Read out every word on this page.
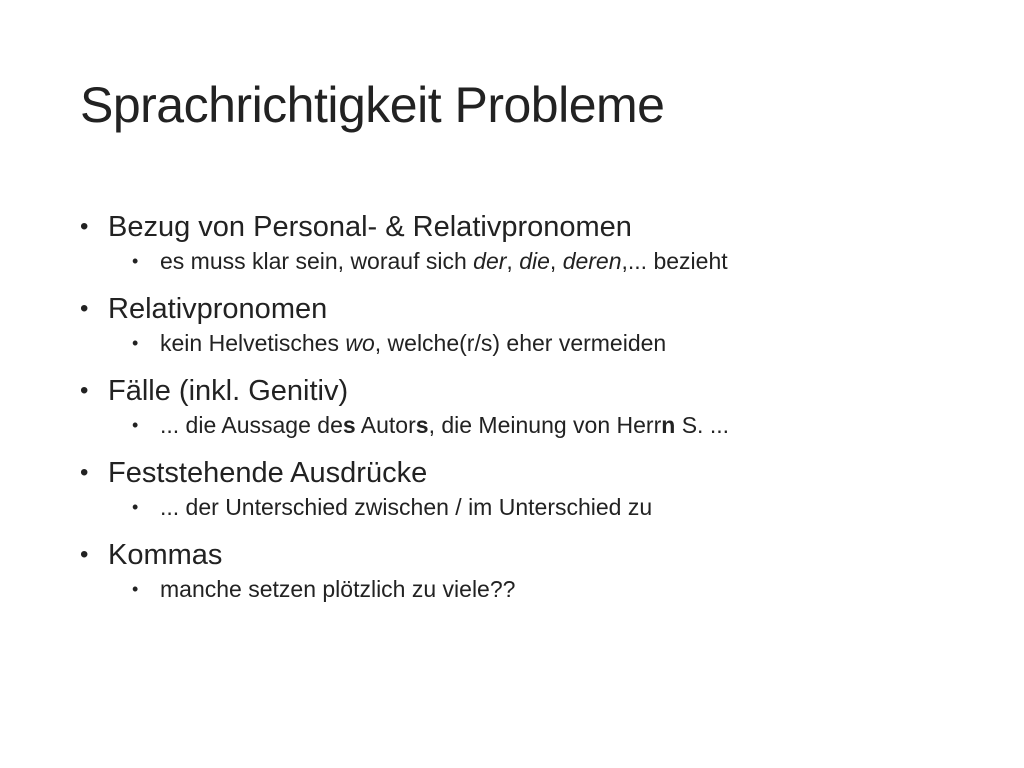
Sprachrichtigkeit Probleme
• Bezug von Personal- & Relativpronomen
• es muss klar sein, worauf sich der, die, deren,... bezieht
• Relativpronomen
• kein Helvetisches wo, welche(r/s) eher vermeiden
• Fälle (inkl. Genitiv)
• ... die Aussage des Autors, die Meinung von Herrn S. ...
• Feststehende Ausdrücke
• ... der Unterschied zwischen / im Unterschied zu
• Kommas
• manche setzen plötzlich zu viele??
